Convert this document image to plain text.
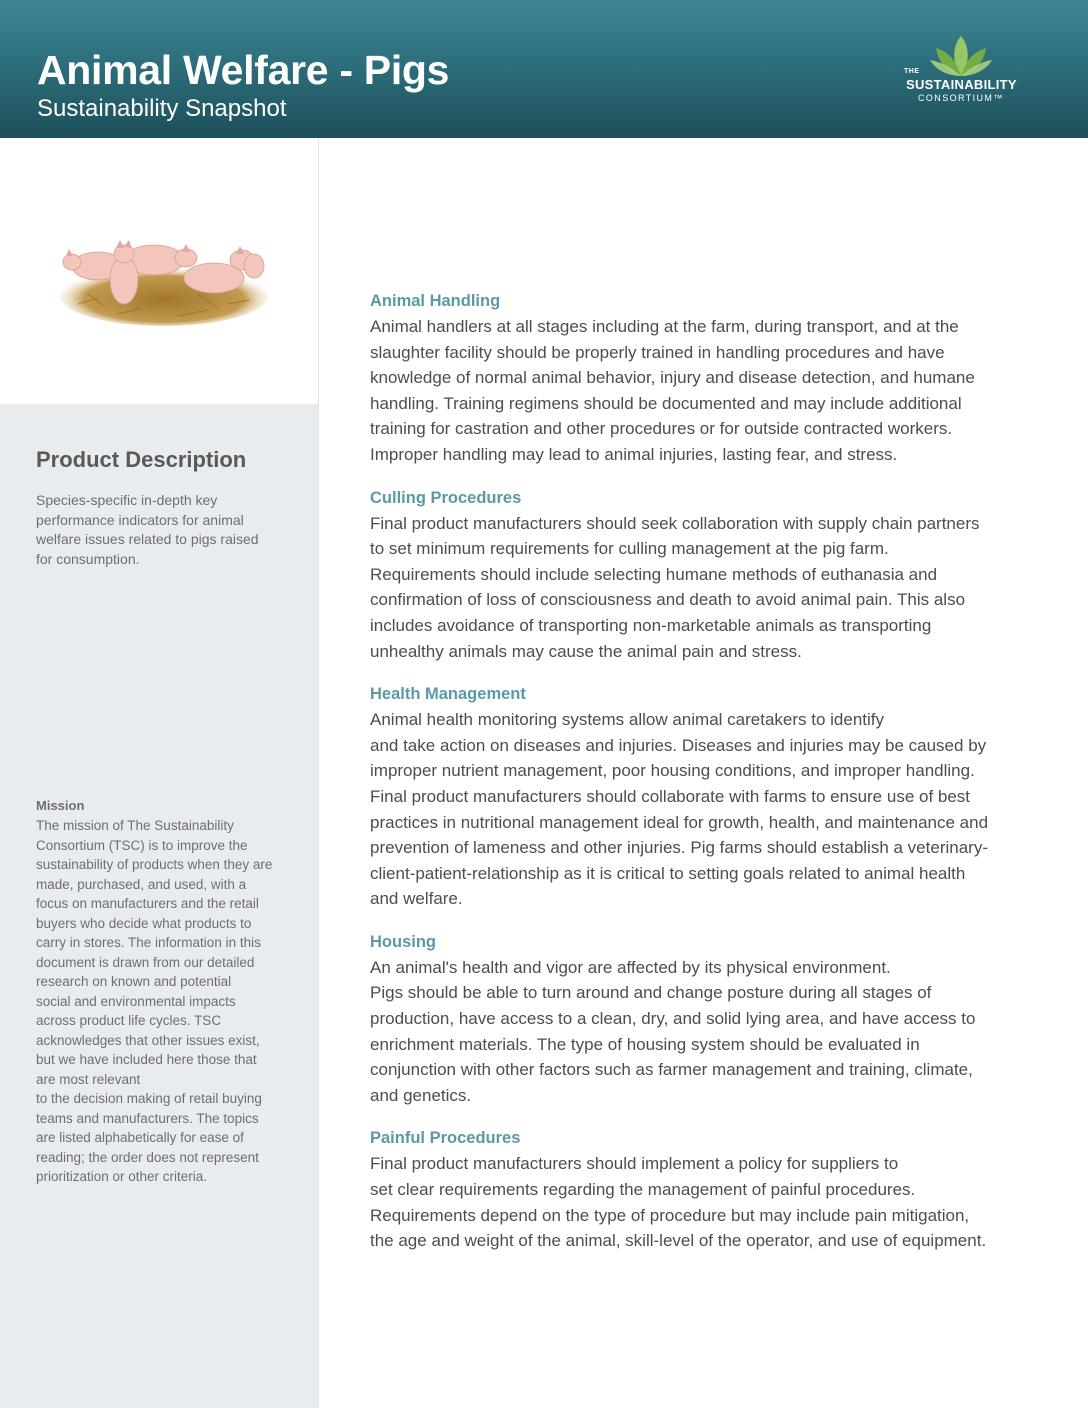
Animal Welfare - Pigs
Sustainability Snapshot
THE
SUSTAINABILITY
CONSORTIUM™
Product Description

Species-specific in-depth key
performance indicators for animal
welfare issues related to pigs raised
for consumption.

Mission

The mission of The Sustainability
Consortium (TSC) is to improve the
sustainability of products when they are
made, purchased, and used, with a
focus on manufacturers and the retail
buyers who decide what products to
carry in stores. The information in this
document is drawn from our detailed
research on known and potential
social and environmental impacts
across product life cycles. TSC
acknowledges that other issues exist,
but we have included here those that
are most relevant
to the decision making of retail buying
teams and manufacturers. The topics
are listed alphabetically for ease of
reading; the order does not represent
prioritization or other criteria.

Animal Handling

Animal handlers at all stages including at the farm, during transport, and at the
slaughter facility should be properly trained in handling procedures and have
knowledge of normal animal behavior, injury and disease detection, and humane
handling. Training regimens should be documented and may include additional
training for castration and other procedures or for outside contracted workers.
Improper handling may lead to animal injuries, lasting fear, and stress.

Culling Procedures

Final product manufacturers should seek collaboration with supply chain partners
to set minimum requirements for culling management at the pig farm.
Requirements should include selecting humane methods of euthanasia and
confirmation of loss of consciousness and death to avoid animal pain. This also
includes avoidance of transporting non-marketable animals as transporting
unhealthy animals may cause the animal pain and stress.

Health Management

Animal health monitoring systems allow animal caretakers to identify
and take action on diseases and injuries. Diseases and injuries may be caused by
improper nutrient management, poor housing conditions, and improper handling.
Final product manufacturers should collaborate with farms to ensure use of best
practices in nutritional management ideal for growth, health, and maintenance and
prevention of lameness and other injuries. Pig farms should establish a veterinary-
client-patient-relationship as it is critical to setting goals related to animal health
and welfare.

Housing

An animal's health and vigor are affected by its physical environment.
Pigs should be able to turn around and change posture during all stages of
production, have access to a clean, dry, and solid lying area, and have access to
enrichment materials. The type of housing system should be evaluated in
conjunction with other factors such as farmer management and training, climate,
and genetics.

Painful Procedures

Final product manufacturers should implement a policy for suppliers to
set clear requirements regarding the management of painful procedures.
Requirements depend on the type of procedure but may include pain mitigation,
the age and weight of the animal, skill-level of the operator, and use of equipment.
